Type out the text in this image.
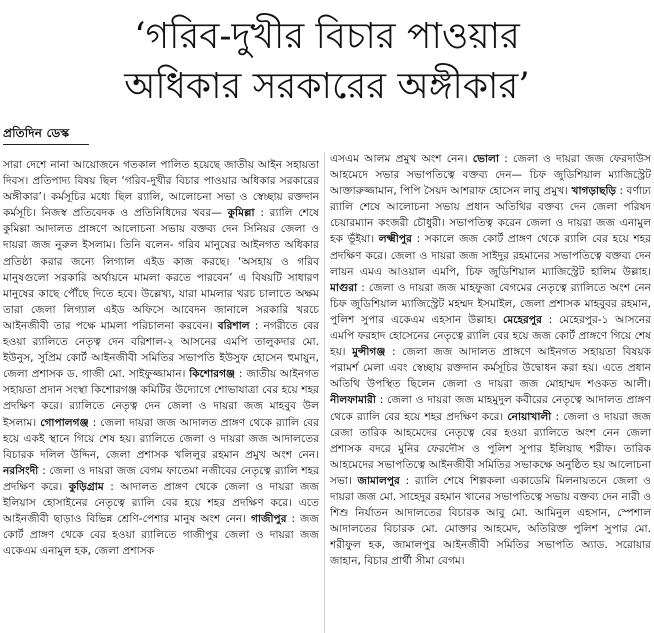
‘গরিব-দুখীর বিচার পাওয়ার
অধিকার সরকারের অঙ্গীকার’
প্রতিদিন ডেস্ক

সারা দেশে নানা আয়োজনে গতকাল পালিত হয়েছে জাতীয় আইন সহায়তা দিবস। প্রতিপাদ্য বিষয় ছিল ‘গরিব-দুখীর বিচার পাওয়ার অধিকার সরকারের অঙ্গীকার’। কর্মসূচির মধ্যে ছিল র‌্যালি, আলোচনা সভা ও স্বেচ্ছায় রক্তদান কর্মসূচি। নিজস্ব প্রতিবেদক ও প্রতিনিধিদের খবর— কুমিল্লা : র‌্যালি শেষে কুমিল্লা আদালত প্রাঙ্গণে আলোচনা সভায় বক্তব্য দেন সিনিয়র জেলা ও দায়রা জজ নুরুল ইসলাম। তিনি বলেন- গরিব মানুষের আইনগত অধিকার প্রতিষ্ঠা করার জন্যে লিগ্যাল এইড কাজ করছে। ‘অসহায় ও গরিব মানুষগুলো সরকারি অর্থায়নে মামলা করতে পারবেন’ এ বিষয়টি সাধারণ মানুষের কাছে পৌঁছে দিতে হবে। উল্লেখ্য, যারা মামলার খরচ চালাতে অক্ষম তারা জেলা লিগ্যাল এইড অফিসে আবেদন জানালে সরকারি খরচে আইনজীবী তার পক্ষে মামলা পরিচালনা করবেন। বরিশাল : নগরীতে বের হওয়া র‌্যালিতে নেতৃত্ব দেন বরিশাল-২ আসনের এমপি তালুকদার মো. ইউনুস, সুপ্রিম কোর্ট আইনজীবী সমিতির সভাপতি ইউসুফ হোসেন হুমায়ুন, জেলা প্রশাসক ড. গাজী মো. সাইফুজ্জামান। কিশোরগঞ্জ : জাতীয় আইনগত সহায়তা প্রদান সংস্থা কিশোরগঞ্জ কমিটির উদ্যোগে শোভাযাত্রা বের হয়ে শহর প্রদক্ষিণ করে। র‌্যালিতে নেতৃত্ব দেন জেলা ও দায়রা জজ মাহবুব উল ইসলাম। গোপালগঞ্জ : জেলা দায়রা জজ আদালত প্রাঙ্গণ থেকে র‌্যালি বের হয়ে একই স্থানে গিয়ে শেষ হয়। র‌্যালিতে জেলা ও দায়রা জজ আদালতের বিচারক দলিল উদ্দিন, জেলা প্রশাসক খলিলুর রহমান প্রমুখ অংশ নেন। নরসিংদী : জেলা ও দায়রা জজ বেগম ফাতেমা নজীবের নেতৃত্বে র‌্যালি শহর প্রদক্ষিণ করে। কুড়িগ্রাম : আদালত প্রাঙ্গণ থেকে জেলা ও দায়রা জজ ইলিয়াস হোসাইনের নেতৃত্বে র‌্যালি বের হয়ে শহর প্রদক্ষিণ করে। এতে আইনজীবী ছাড়াও বিভিন্ন শ্রেণি-পেশার মানুষ অংশ নেন। গাজীপুর : জজ কোর্ট প্রাঙ্গণ থেকে বের হওয়া র‌্যালিতে গাজীপুর জেলা ও দায়রা জজ একেএম এনামুল হক, জেলা প্রশাসক

এসএম আলম প্রমুখ অংশ নেন। ভোলা : জেলা ও দায়রা জজ ফেরদাউস আহমেদে সভার সভাপতিত্বে বক্তব্য দেন— চিফ জুডিশিয়াল ম্যাজিস্ট্রেট আক্তারুজ্জামান, পিপি সৈয়দ আশরাফ হোসেন লাবু প্রমুখ। খাগড়াছড়ি : বর্ণাঢ্য র‌্যালি শেষে আলোচনা সভায় প্রধান অতিথির বক্তব্য দেন জেলা পরিষদ চেয়ারম্যান কংজরী চৌধুরী। সভাপতিত্ব করেন জেলা ও দায়রা জজ এনামুল হক ভূঁইয়া। লক্ষ্মীপুর : সকালে জজ কোর্ট প্রাঙ্গণ থেকে র‌্যালি বের হয়ে শহর প্রদক্ষিণ করে। জেলা ও দায়রা জজ সাইদুর রহমানের সভাপতিত্বে বক্তব্য দেন লায়ন এমএ আওয়াল এমপি, চিফ জুডিশিয়াল ম্যাজিস্ট্রেট হালিম উল্লাহ। মাগুরা : জেলা ও দায়রা জজ মাহফুজা বেগমের নেতৃত্বে র‌্যালিতে অংশ নেন চিফ জুডিশিয়াল ম্যাজিস্ট্রেট মহম্মদ ইসমাইল, জেলা প্রশাসক মাহবুবর রহমান, পুলিশ সুপার একেএম এহসান উল্লাহ। মেহেরপুর : মেহেরপুর-১ আসনের এমপি ফরহাদ হোসেনের নেতৃত্বে র‌্যালি বের হয়ে জজ কোর্ট প্রাঙ্গণে গিয়ে শেষ হয়। মুন্সীগঞ্জ : জেলা জজ আদালত প্রাঙ্গণে আইনগত সহায়তা বিষয়ক পরামর্শ মেলা এবং স্বেচ্ছায় রক্তদান কর্মসূচির উদ্বোধন করা হয়। এতে প্রধান অতিথি উপস্থিত ছিলেন জেলা ও দায়রা জজ মোহাম্মদ শওকত আলী। নীলফামারী : জেলা ও দায়রা জজ মাহমুদুল কবীরের নেতৃত্বে আদালত প্রাঙ্গণ থেকে র‌্যালি বের হয়ে শহর প্রদক্ষিণ করে। নোয়াখালী : জেলা ও দায়রা জজ রেজা তারিক আহমেদের নেতৃত্বে বের হওয়া র‌্যালিতে অংশ নেন জেলা প্রশাসক বদরে মুনির ফেরদৌস ও পুলিশ সুপার ইলিয়াছ শরীফ। তারিক আহমেদের সভাপতিত্বে আইনজীবী সমিতির সভাকক্ষে অনুষ্ঠিত হয় আলোচনা সভা। জামালপুর : র‌্যালি শেষে শিল্পকলা একাডেমি মিলনায়তনে জেলা ও দায়রা জজ মো. সাহেদুর রহমান খানের সভাপতিত্বে সভায় বক্তব্য দেন নারী ও শিশু নির্যাতন আদালতের বিচারক আবু মো. আমিনুল এহসান, স্পেশাল আদালতের বিচারক মো. মোক্তার আহমেদ, অতিরিক্ত পুলিশ সুপার মো. শরীফুল হক, জামালপুর আইনজীবী সমিতির সভাপতি অ্যাড. সরোয়ার জাহান, বিচার প্রার্থী সীমা বেগম।
